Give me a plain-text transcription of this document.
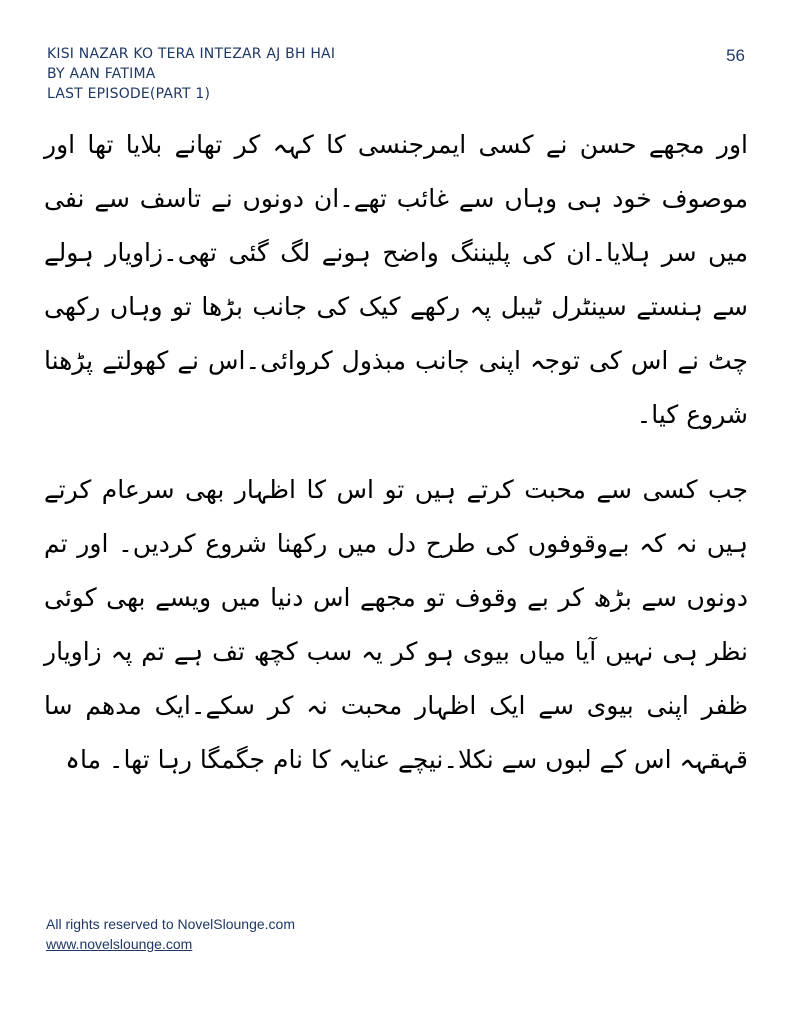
KISI NAZAR KO TERA INTEZAR AJ BH HAI
BY AAN FATIMA
LAST EPISODE(PART 1)
56

اور مجھے حسن نے کسی ایمرجنسی کا کہہ کر تھانے بلایا تھا اور موصوف خود ہی وہاں سے غائب تھے۔ان دونوں نے تاسف سے نفی میں سر ہلایا۔ان کی پلیننگ واضح ہونے لگ گئی تھی۔زاویار ہولے سے ہنستے سینٹرل ٹیبل پہ رکھے کیک کی جانب بڑھا تو وہاں رکھی چٹ نے اس کی توجہ اپنی جانب مبذول کروائی۔اس نے کھولتے پڑھنا شروع کیا۔

جب کسی سے محبت کرتے ہیں تو اس کا اظہار بھی سرعام کرتے ہیں نہ کہ بےوقوفوں کی طرح دل میں رکھنا شروع کردیں۔ اور تم دونوں سے بڑھ کر بے وقوف تو مجھے اس دنیا میں ویسے بھی کوئی نظر ہی نہیں آیا میاں بیوی ہو کر یہ سب کچھ تف ہے تم پہ زاویار ظفر اپنی بیوی سے ایک اظہار محبت نہ کر سکے۔ایک مدھم سا قہقہہ اس کے لبوں سے نکلا۔نیچے عنایہ کا نام جگمگا رہا تھا۔ ماہ

All rights reserved to NovelSlounge.com
www.novelslounge.com
